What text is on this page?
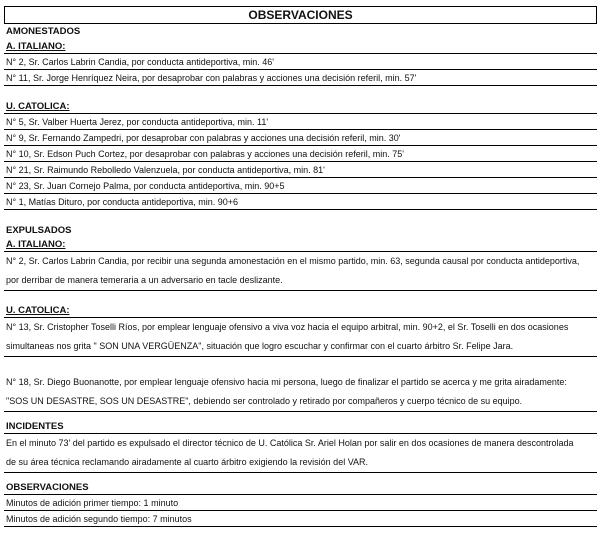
OBSERVACIONES
AMONESTADOS
A. ITALIANO:
N° 2, Sr. Carlos Labrin Candia, por conducta antideportiva, min. 46'
N° 11, Sr. Jorge Henríquez Neira, por desaprobar con palabras y acciones una decisión referil, min. 57'
U. CATOLICA:
N° 5, Sr. Valber Huerta Jerez, por conducta antideportiva, min. 11'
N° 9, Sr. Fernando Zampedri, por desaprobar con palabras y acciones una decisión referil, min. 30'
N° 10, Sr. Edson Puch Cortez, por desaprobar con palabras y acciones una decisión referil, min. 75'
N° 21, Sr. Raimundo Rebolledo Valenzuela, por conducta antideportiva, min. 81'
N° 23, Sr. Juan Cornejo Palma, por conducta antideportiva, min. 90+5
N° 1, Matías Dituro, por conducta antideportiva, min. 90+6
EXPULSADOS
A. ITALIANO:
N° 2, Sr. Carlos Labrin Candia, por recibir una segunda amonestación en el mismo partido, min. 63, segunda causal por conducta antideportiva,
por derribar de manera temeraria a un adversario en tacle deslizante.
U. CATOLICA:
N° 13, Sr. Cristopher Toselli Ríos, por emplear lenguaje ofensivo a viva voz hacia el equipo arbitral, min. 90+2, el Sr. Toselli en dos ocasiones
simultaneas nos grita " SON UNA VERGÜENZA", situación que logro escuchar y confirmar con el cuarto árbitro Sr. Felipe Jara.
N° 18, Sr. Diego Buonanotte, por emplear lenguaje ofensivo hacia mi persona, luego de finalizar el partido se acerca y me grita airadamente:
"SOS UN DESASTRE, SOS UN DESASTRE", debiendo ser controlado y retirado por compañeros y cuerpo técnico de su equipo.
INCIDENTES
En el minuto 73' del partido es expulsado el director técnico de U. Católica Sr. Ariel Holan por salir en dos ocasiones de manera descontrolada
de su área técnica reclamando airadamente al cuarto árbitro exigiendo la revisión del VAR.
OBSERVACIONES
Minutos de adición primer tiempo: 1 minuto
Minutos de adición segundo tiempo: 7 minutos
